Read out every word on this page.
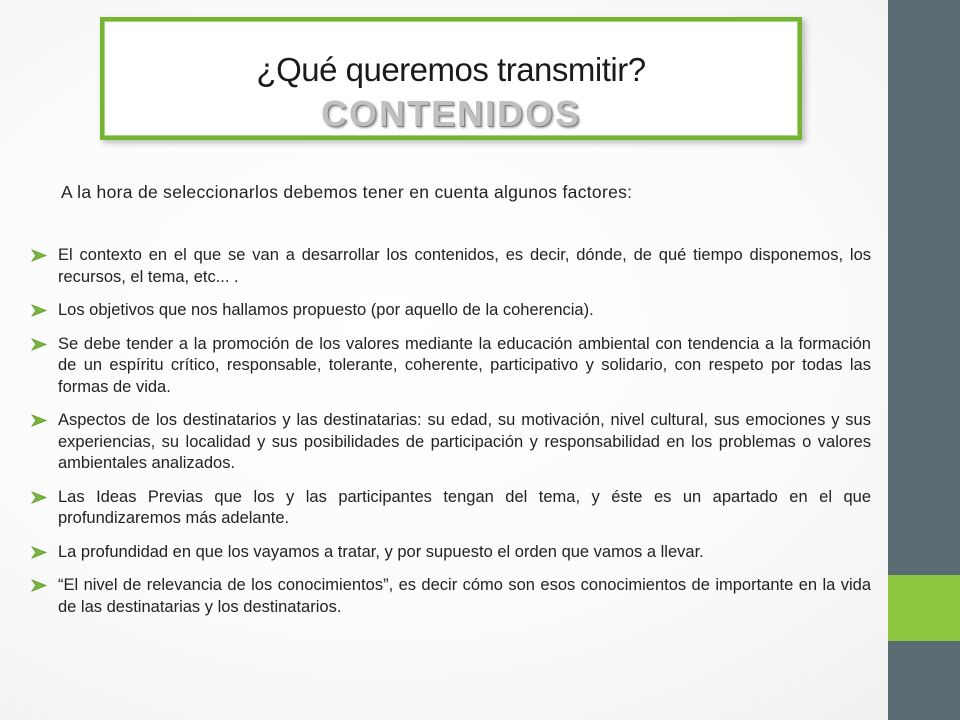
¿Qué queremos transmitir?
CONTENIDOS
A la hora de seleccionarlos debemos tener en cuenta algunos factores:
El contexto en el que se van a desarrollar los contenidos, es decir, dónde, de qué tiempo disponemos, los recursos, el tema, etc... .
Los objetivos que nos hallamos propuesto (por aquello de la coherencia).
Se debe tender a la promoción de los valores mediante la educación ambiental con tendencia a la formación de un espíritu crítico, responsable, tolerante, coherente, participativo y solidario, con respeto por todas las formas de vida.
Aspectos de los destinatarios y las destinatarias: su edad, su motivación, nivel cultural, sus emociones y sus experiencias, su localidad y sus posibilidades de participación y responsabilidad en los problemas o valores ambientales analizados.
Las Ideas Previas que los y las participantes tengan del tema, y éste es un apartado en el que profundizaremos más adelante.
La profundidad en que los vayamos a tratar, y por supuesto el orden que vamos a llevar.
“El nivel de relevancia de los conocimientos”, es decir cómo son esos conocimientos de importante en la vida de las destinatarias y los destinatarios.
